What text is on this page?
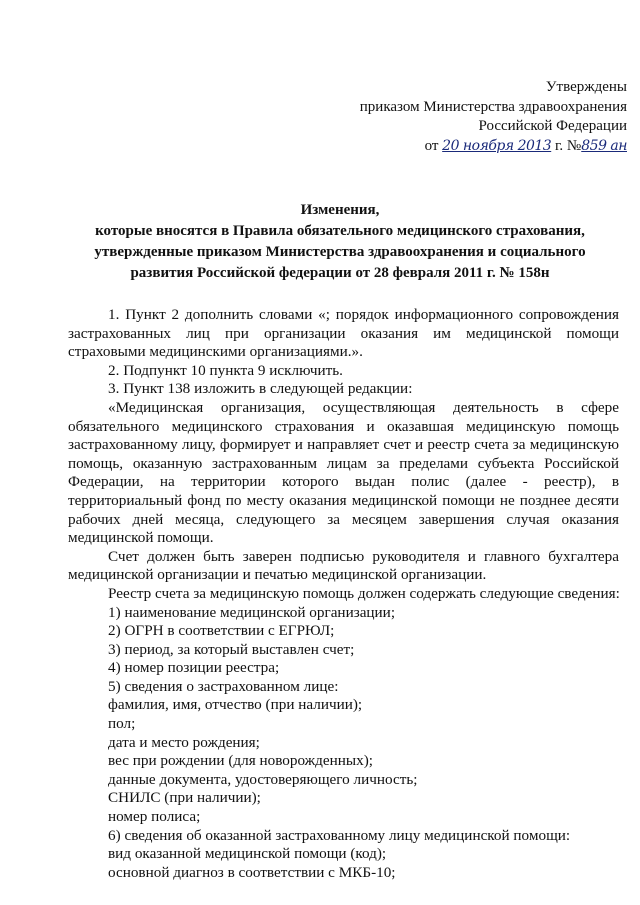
Утверждены
приказом Министерства здравоохранения
Российской Федерации
от 20 ноября 2013 г. №859 ан
Изменения,
которые вносятся в Правила обязательного медицинского страхования,
утвержденные приказом Министерства здравоохранения и социального
развития Российской федерации от 28 февраля 2011 г. № 158н

1. Пункт 2 дополнить словами «; порядок информационного сопровождения застрахованных лиц при организации оказания им медицинской помощи страховыми медицинскими организациями.».

2. Подпункт 10 пункта 9 исключить.

3. Пункт 138 изложить в следующей редакции:

«Медицинская организация, осуществляющая деятельность в сфере обязательного медицинского страхования и оказавшая медицинскую помощь застрахованному лицу, формирует и направляет счет и реестр счета за медицинскую помощь, оказанную застрахованным лицам за пределами субъекта Российской Федерации, на территории которого выдан полис (далее - реестр), в территориальный фонд по месту оказания медицинской помощи не позднее десяти рабочих дней месяца, следующего за месяцем завершения случая оказания медицинской помощи.

Счет должен быть заверен подписью руководителя и главного бухгалтера медицинской организации и печатью медицинской организации.

Реестр счета за медицинскую помощь должен содержать следующие сведения:

1) наименование медицинской организации;

2) ОГРН в соответствии с ЕГРЮЛ;

3) период, за который выставлен счет;

4) номер позиции реестра;

5) сведения о застрахованном лице:

фамилия, имя, отчество (при наличии);

пол;

дата и место рождения;

вес при рождении (для новорожденных);

данные документа, удостоверяющего личность;

СНИЛС (при наличии);

номер полиса;

6) сведения об оказанной застрахованному лицу медицинской помощи:

вид оказанной медицинской помощи (код);

основной диагноз в соответствии с МКБ-10;
